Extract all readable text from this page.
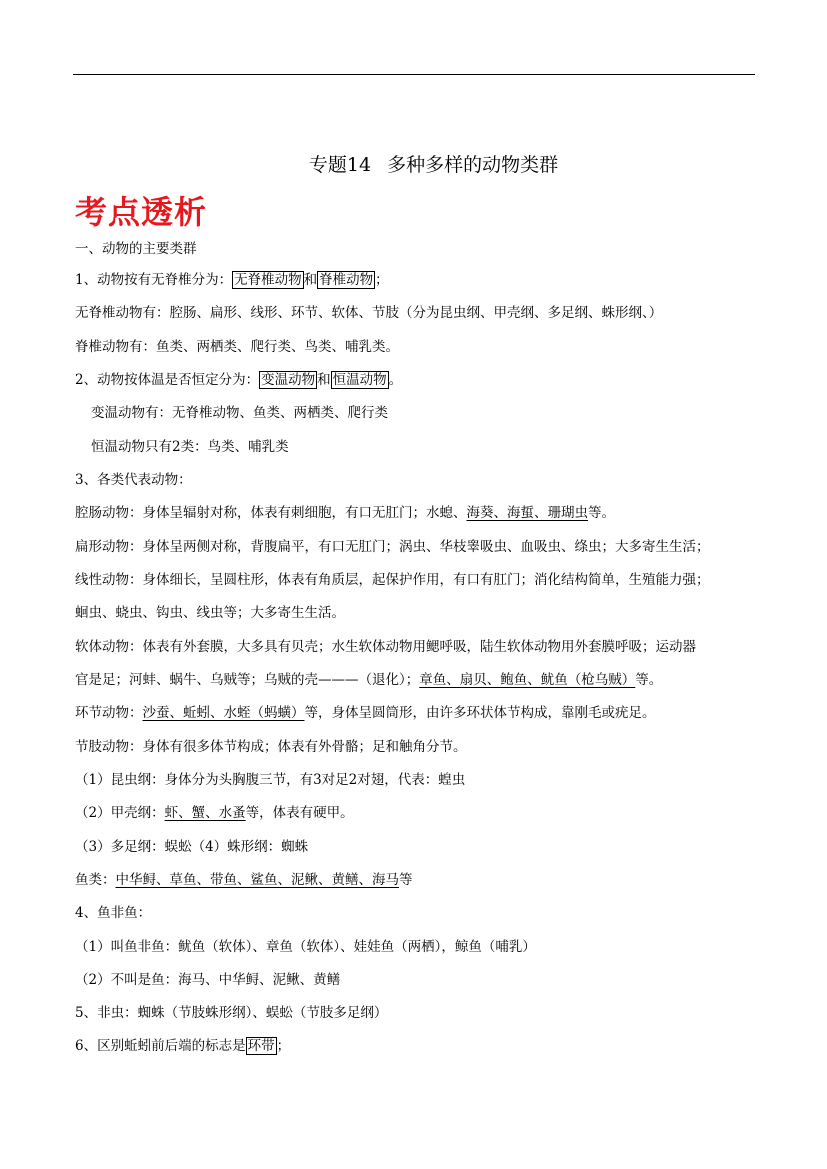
专题14 多种多样的动物类群
考点透析
一、动物的主要类群
1、动物按有无脊椎分为： 无脊椎动物 和 脊椎动物 ；
无脊椎动物有：腔肠、扁形、线形、环节、软体、节肢（分为昆虫纲、甲壳纲、多足纲、蛛形纲、）
脊椎动物有：鱼类、两栖类、爬行类、鸟类、哺乳类。
2、动物按体温是否恒定分为： 变温动物 和 恒温动物 。
变温动物有：无脊椎动物、鱼类、两栖类、爬行类
恒温动物只有2类：鸟类、哺乳类
3、各类代表动物：
腔肠动物：身体呈辐射对称，体表有刺细胞，有口无肛门；水螅、海葵、海蜇、珊瑚虫等。
扁形动物：身体呈两侧对称，背腹扁平，有口无肛门；涡虫、华枝睾吸虫、血吸虫、绦虫；大多寄生生活；
线性动物：身体细长，呈圆柱形，体表有角质层，起保护作用，有口有肛门；消化结构简单，生殖能力强；
蛔虫、蛲虫、钩虫、线虫等；大多寄生生活。
软体动物：体表有外套膜，大多具有贝壳；水生软体动物用鳃呼吸，陆生软体动物用外套膜呼吸；运动器
官是足；河蚌、蜗牛、乌贼等；乌贼的壳———（退化）；章鱼、扇贝、鲍鱼、鱿鱼（枪乌贼）等。
环节动物：沙蚕、蚯蚓、水蛭（蚂蟥）等，身体呈圆筒形，由许多环状体节构成，靠刚毛或疣足。
节肢动物：身体有很多体节构成；体表有外骨骼；足和触角分节。
（1）昆虫纲：身体分为头胸腹三节，有3对足2对翅，代表：蝗虫
（2）甲壳纲：虾、蟹、水蚤等，体表有硬甲。
（3）多足纲：蜈蚣（4）蛛形纲：蜘蛛
鱼类：中华鲟、草鱼、带鱼、鲨鱼、泥鳅、黄鳝、海马等
4、鱼非鱼：
（1）叫鱼非鱼：鱿鱼（软体）、章鱼（软体）、娃娃鱼（两栖），鲸鱼（哺乳）
（2）不叫是鱼：海马、中华鲟、泥鳅、黄鳝
5、非虫：蜘蛛（节肢蛛形纲）、蜈蚣（节肢多足纲）
6、区别蚯蚓前后端的标志是 环带 ；
